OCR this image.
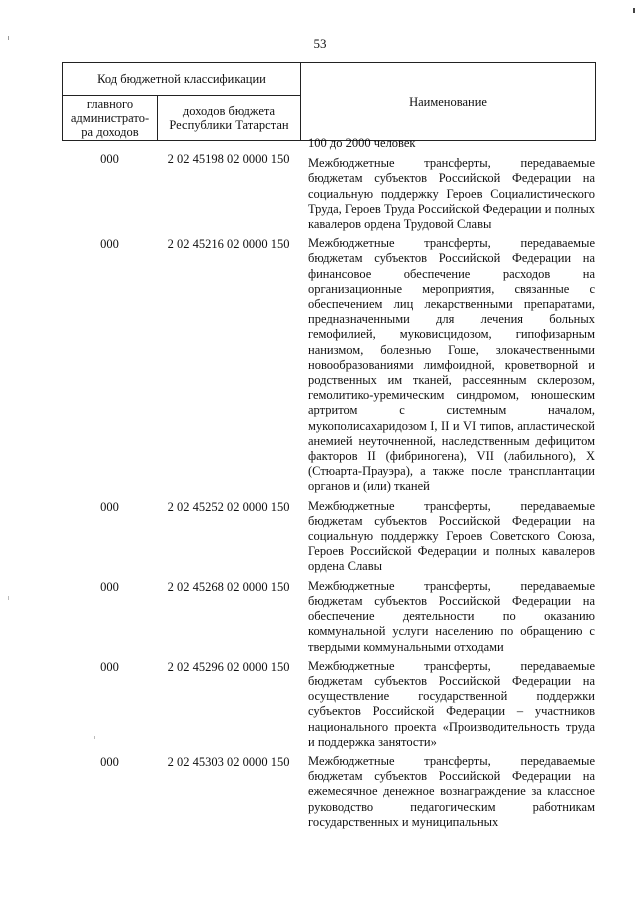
53
Код бюджетной классификации		Наименование
главного администрато-ра доходов	доходов бюджета Республики Татарстан	
100 до 2000 человек
000	2 02 45198 02 0000 150	Межбюджетные трансферты, передаваемые бюджетам субъектов Российской Федерации на социальную поддержку Героев Социалистического Труда, Героев Труда Российской Федерации и полных кавалеров ордена Трудовой Славы
000	2 02 45216 02 0000 150	Межбюджетные трансферты, передаваемые бюджетам субъектов Российской Федерации на финансовое обеспечение расходов на организационные мероприятия, связанные с обеспечением лиц лекарственными препаратами, предназначенными для лечения больных гемофилией, муковисцидозом, гипофизарным нанизмом, болезнью Гоше, злокачественными новообразованиями лимфоидной, кроветворной и родственных им тканей, рассеянным склерозом, гемолитико-уремическим синдромом, юношеским артритом с системным началом, мукополисахаридозом I, II и VI типов, апластической анемией неуточненной, наследственным дефицитом факторов II (фибриногена), VII (лабильного), X (Стюарта-Прауэра), а также после трансплантации органов и (или) тканей
000	2 02 45252 02 0000 150	Межбюджетные трансферты, передаваемые бюджетам субъектов Российской Федерации на социальную поддержку Героев Советского Союза, Героев Российской Федерации и полных кавалеров ордена Славы
000	2 02 45268 02 0000 150	Межбюджетные трансферты, передаваемые бюджетам субъектов Российской Федерации на обеспечение деятельности по оказанию коммунальной услуги населению по обращению с твердыми коммунальными отходами
000	2 02 45296 02 0000 150	Межбюджетные трансферты, передаваемые бюджетам субъектов Российской Федерации на осуществление государственной поддержки субъектов Российской Федерации – участников национального проекта «Производительность труда и поддержка занятости»
000	2 02 45303 02 0000 150	Межбюджетные трансферты, передаваемые бюджетам субъектов Российской Федерации на ежемесячное денежное вознаграждение за классное руководство педагогическим работникам государственных и муниципальных
